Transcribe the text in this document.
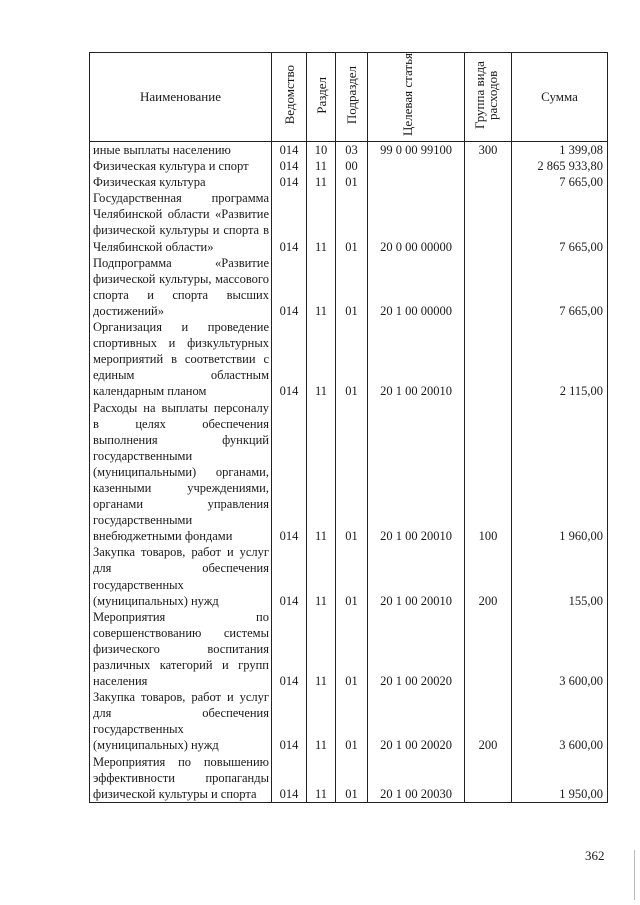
Наименование	Ведомство	Раздел	Подраздел	Целевая статья	Группа вида расходов	Сумма
иные выплаты населению	014	10	03	99 0 00 99100	300	1 399,08
Физическая культура и спорт	014	11	00			2 865 933,80
Физическая культура	014	11	01			7 665,00
Государственная программа Челябинской области «Развитие физической культуры и спорта в Челябинской области»	014	11	01	20 0 00 00000		7 665,00
Подпрограмма «Развитие физической культуры, массового спорта и спорта высших достижений»	014	11	01	20 1 00 00000		7 665,00
Организация и проведение спортивных и физкультурных мероприятий в соответствии с единым областным календарным планом	014	11	01	20 1 00 20010		2 115,00
Расходы на выплаты персоналу в целях обеспечения выполнения функций государственными (муниципальными) органами, казенными учреждениями, органами управления государственными внебюджетными фондами	014	11	01	20 1 00 20010	100	1 960,00
Закупка товаров, работ и услуг для обеспечения государственных (муниципальных) нужд	014	11	01	20 1 00 20010	200	155,00
Мероприятия по совершенствованию системы физического воспитания различных категорий и групп населения	014	11	01	20 1 00 20020		3 600,00
Закупка товаров, работ и услуг для обеспечения государственных (муниципальных) нужд	014	11	01	20 1 00 20020	200	3 600,00
Мероприятия по повышению эффективности пропаганды физической культуры и спорта	014	11	01	20 1 00 20030		1 950,00
362
